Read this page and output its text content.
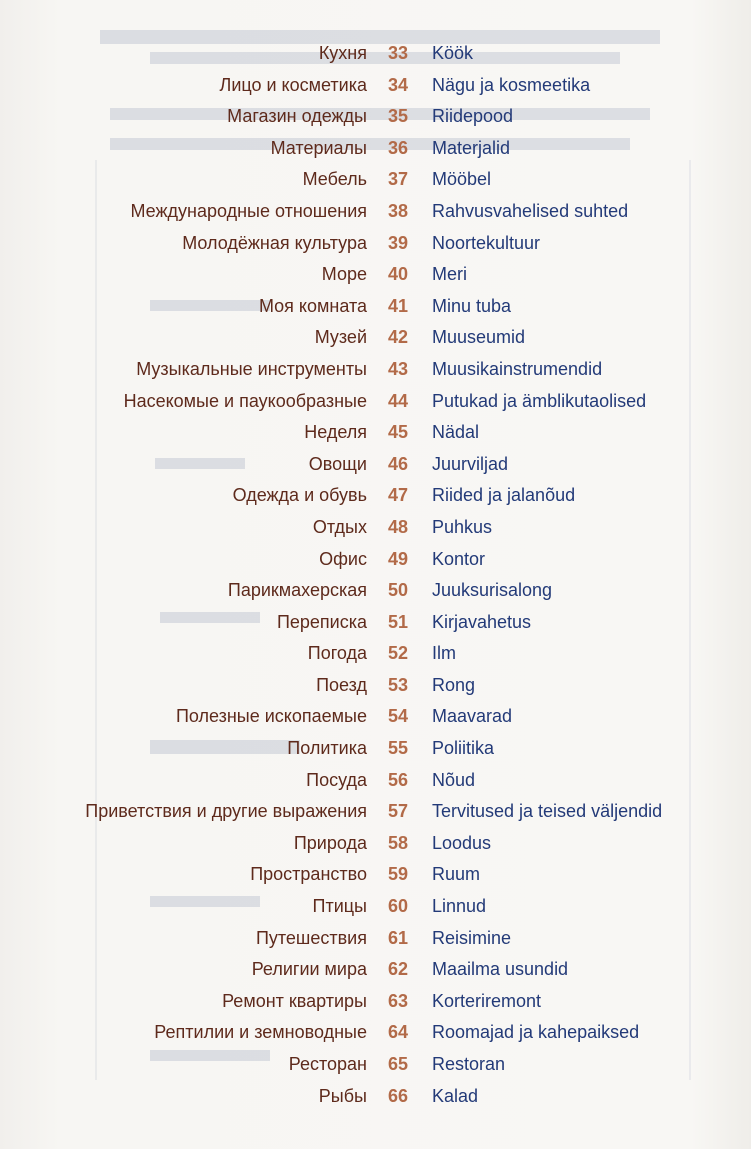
Кухня	33	Köök
Лицо и косметика	34	Nägu ja kosmeetika
Магазин одежды	35	Riidepood
Материалы	36	Materjalid
Мебель	37	Mööbel
Международные отношения	38	Rahvusvahelised suhted
Молодёжная культура	39	Noortekultuur
Море	40	Meri
Моя комната	41	Minu tuba
Музей	42	Muuseumid
Музыкальные инструменты	43	Muusikainstrumendid
Насекомые и паукообразные	44	Putukad ja ämblikutaolised
Неделя	45	Nädal
Овощи	46	Juurviljad
Одежда и обувь	47	Riided ja jalanõud
Отдых	48	Puhkus
Офис	49	Kontor
Парикмахерская	50	Juuksurisalong
Переписка	51	Kirjavahetus
Погода	52	Ilm
Поезд	53	Rong
Полезные ископаемые	54	Maavarad
Политика	55	Poliitika
Посуда	56	Nõud
Приветствия и другие выражения	57	Tervitused ja teised väljendid
Природа	58	Loodus
Пространство	59	Ruum
Птицы	60	Linnud
Путешествия	61	Reisimine
Религии мира	62	Maailma usundid
Ремонт квартиры	63	Korteriremont
Рептилии и земноводные	64	Roomajad ja kahepaiksed
Ресторан	65	Restoran
Рыбы	66	Kalad
